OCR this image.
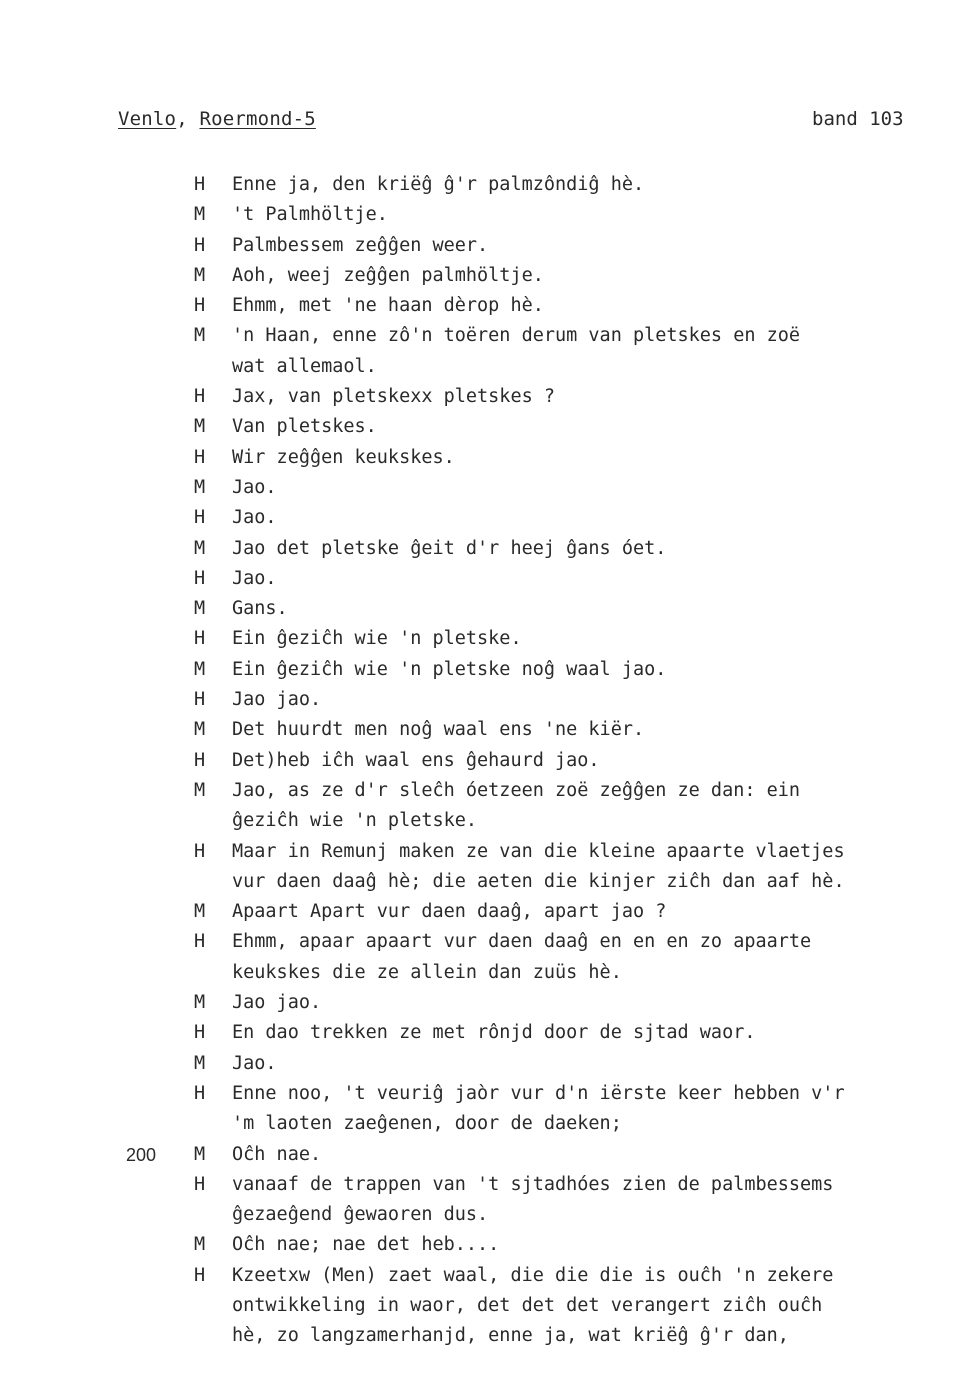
Venlo, Roermond-5	band 103
H Enne ja, den kriëĝ ĝ'r palmzôndiĝ hè.
M 't Palmhöltje.
H Palmbessem zeĝĝen weer.
M Aoh, weej zeĝĝen palmhöltje.
H Ehmm, met 'ne haan dèrop hè.
M 'n Haan, enne zô'n toëren derum van pletskes en zoë
wat allemaol.
H Jax, van pletskexx pletskes ?
M Van pletskes.
H Wir zeĝĝen keukskes.
M Jao.
H Jao.
M Jao det pletske ĝeit d'r heej ĝans óet.
H Jao.
M Gans.
H Ein ĝeziĉh wie 'n pletske.
M Ein ĝeziĉh wie 'n pletske noĝ waal jao.
H Jao jao.
M Det huurdt men noĝ waal ens 'ne kiër.
H Det)heb iĉh waal ens ĝehaurd jao.
M Jao, as ze d'r sleĉh óetzeen zoë zeĝĝen ze dan: ein
ĝeziĉh wie 'n pletske.
H Maar in Remunj maken ze van die kleine apaarte vlaetjes
vur daen daaĝ hè; die aeten die kinjer ziĉh dan aaf hè.
M Apaart Apart vur daen daaĝ, apart jao ?
H Ehmm, apaar apaart vur daen daaĝ en en en zo apaarte
keukskes die ze allein dan zuüs hè.
M Jao jao.
H En dao trekken ze met rônjd door de sjtad waor.
M Jao.
H Enne noo, 't veuriĝ jaòr vur d'n iërste keer hebben v'r
'm laoten zaeĝenen, door de daeken;
200 M Oĉh nae.
H vanaaf de trappen van 't sjtadhóes zien de palmbessems
ĝezaeĝend ĝewaoren dus.
M Oĉh nae; nae det heb....
H Kzeetxw (Men) zaet waal, die die die is ouĉh 'n zekere
ontwikkeling in waor, det det det verangert ziĉh ouĉh
hè, zo langzamerhanjd, enne ja, wat kriëĝ ĝ'r dan,
